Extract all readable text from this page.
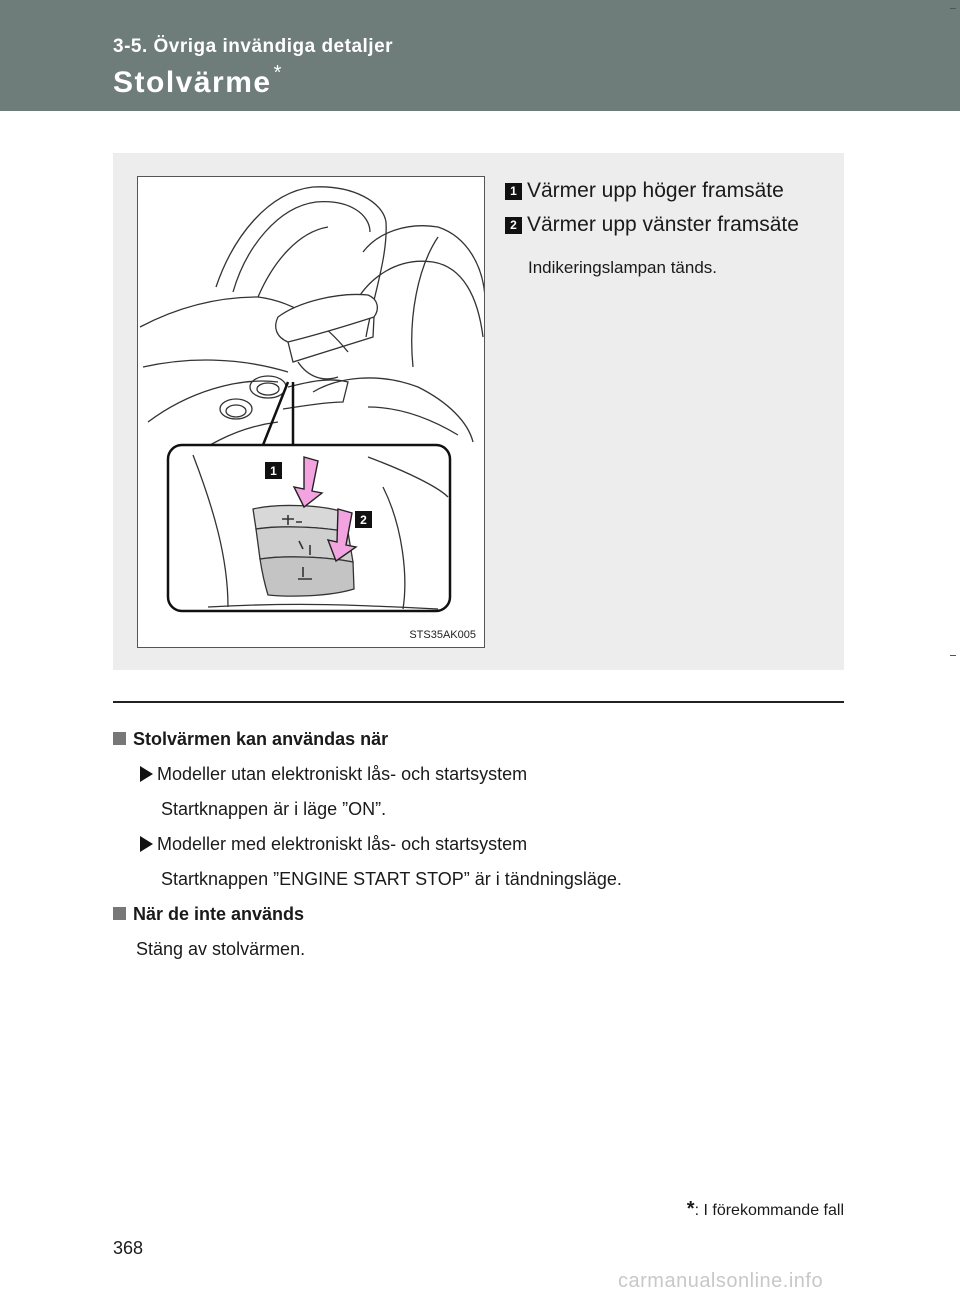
3-5. Övriga invändiga detaljer
Stolvärme *
1
2
STS35AK005
1 Värmer upp höger framsäte
2 Värmer upp vänster framsäte
Indikeringslampan tänds.
Stolvärmen kan användas när
Modeller utan elektroniskt lås- och startsystem
Startknappen är i läge ”ON”.
Modeller med elektroniskt lås- och startsystem
Startknappen ”ENGINE START STOP” är i tändningsläge.
När de inte används
Stäng av stolvärmen.
*: I förekommande fall
368
carmanualsonline.info
